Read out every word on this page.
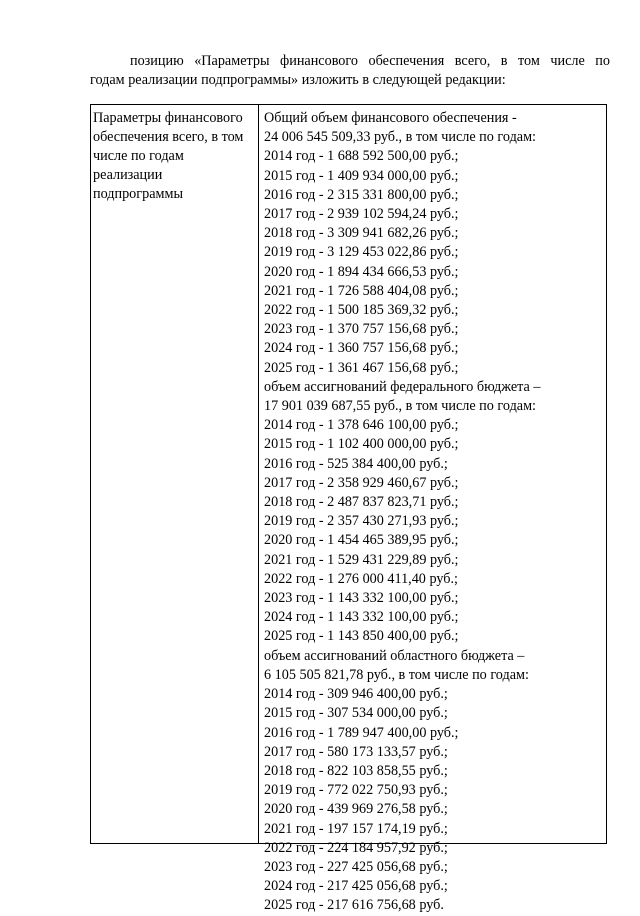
позицию «Параметры финансового обеспечения всего, в том числе по
годам реализации подпрограммы» изложить в следующей редакции:
Параметры финансового
обеспечения всего, в том
числе по годам
реализации
подпрограммы
Общий объем финансового обеспечения -
24 006 545 509,33 руб., в том числе по годам:
2014 год - 1 688 592 500,00 руб.;
2015 год - 1 409 934 000,00 руб.;
2016 год - 2 315 331 800,00 руб.;
2017 год - 2 939 102 594,24 руб.;
2018 год - 3 309 941 682,26 руб.;
2019 год - 3 129 453 022,86 руб.;
2020 год - 1 894 434 666,53 руб.;
2021 год - 1 726 588 404,08 руб.;
2022 год - 1 500 185 369,32 руб.;
2023 год - 1 370 757 156,68 руб.;
2024 год - 1 360 757 156,68 руб.;
2025 год - 1 361 467 156,68 руб.;
объем ассигнований федерального бюджета –
17 901 039 687,55 руб., в том числе по годам:
2014 год - 1 378 646 100,00 руб.;
2015 год - 1 102 400 000,00 руб.;
2016 год - 525 384 400,00 руб.;
2017 год - 2 358 929 460,67 руб.;
2018 год - 2 487 837 823,71 руб.;
2019 год - 2 357 430 271,93 руб.;
2020 год - 1 454 465 389,95 руб.;
2021 год - 1 529 431 229,89 руб.;
2022 год - 1 276 000 411,40 руб.;
2023 год - 1 143 332 100,00 руб.;
2024 год - 1 143 332 100,00 руб.;
2025 год - 1 143 850 400,00 руб.;
объем ассигнований областного бюджета –
6 105 505 821,78 руб., в том числе по годам:
2014 год - 309 946 400,00 руб.;
2015 год - 307 534 000,00 руб.;
2016 год - 1 789 947 400,00 руб.;
2017 год - 580 173 133,57 руб.;
2018 год - 822 103 858,55 руб.;
2019 год - 772 022 750,93 руб.;
2020 год - 439 969 276,58 руб.;
2021 год - 197 157 174,19 руб.;
2022 год - 224 184 957,92 руб.;
2023 год - 227 425 056,68 руб.;
2024 год - 217 425 056,68 руб.;
2025 год - 217 616 756,68 руб.
